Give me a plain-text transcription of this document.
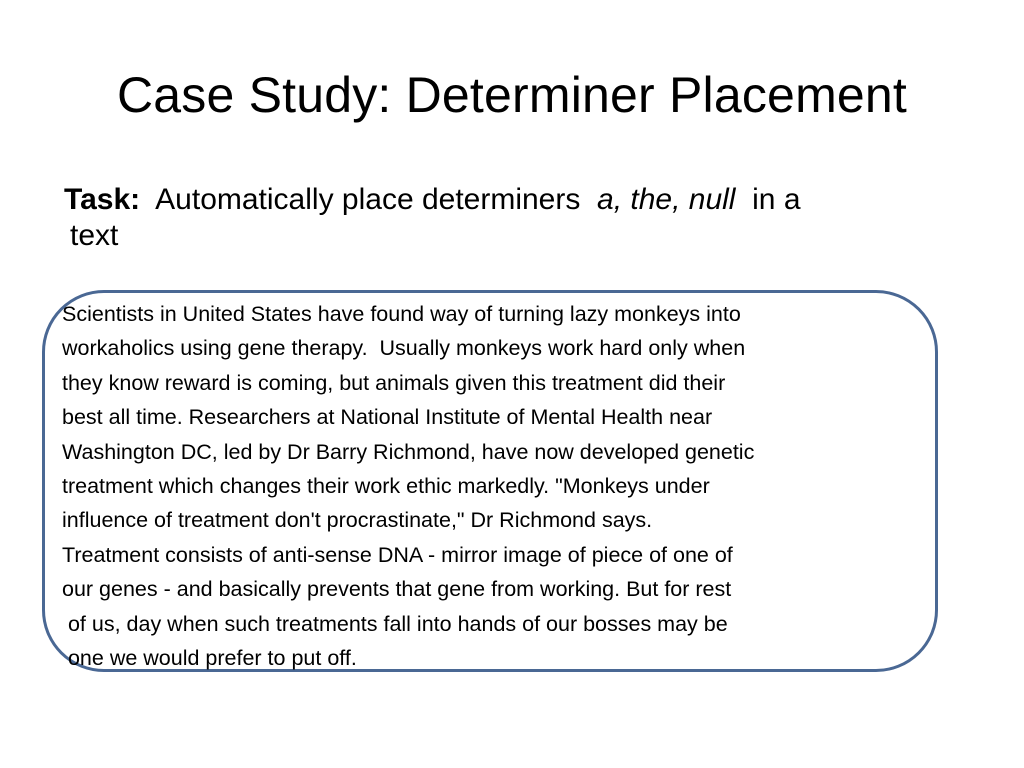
Case Study: Determiner Placement
Task: Automatically place determiners a, the, null in a
text
Scientists in United States have found way of turning lazy monkeys into
workaholics using gene therapy.  Usually monkeys work hard only when
they know reward is coming, but animals given this treatment did their
best all time. Researchers at National Institute of Mental Health near
Washington DC, led by Dr Barry Richmond, have now developed genetic
treatment which changes their work ethic markedly. "Monkeys under
influence of treatment don't procrastinate," Dr Richmond says.
Treatment consists of anti-sense DNA - mirror image of piece of one of
our genes - and basically prevents that gene from working. But for rest
of us, day when such treatments fall into hands of our bosses may be
one we would prefer to put off.
